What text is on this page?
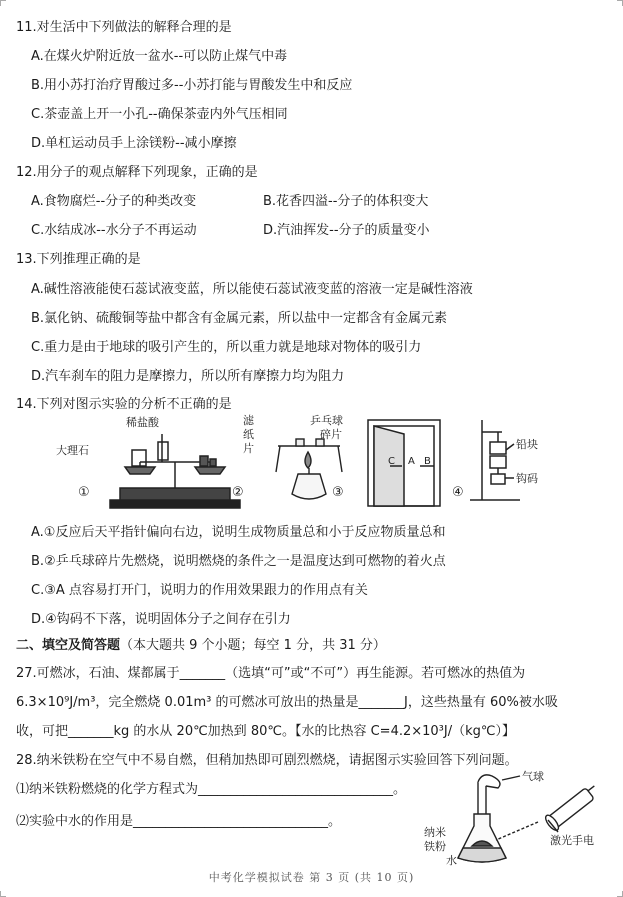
11.对生活中下列做法的解释合理的是
A.在煤火炉附近放一盆水--可以防止煤气中毒
B.用小苏打治疗胃酸过多--小苏打能与胃酸发生中和反应
C.茶壶盖上开一小孔--确保茶壶内外气压相同
D.单杠运动员手上涂镁粉--减小摩擦
12.用分子的观点解释下列现象，正确的是
A.食物腐烂--分子的种类改变	B.花香四溢--分子的体积变大
C.水结成冰--水分子不再运动	D.汽油挥发--分子的质量变小
13.下列推理正确的是
A.碱性溶液能使石蕊试液变蓝，所以能使石蕊试液变蓝的溶液一定是碱性溶液
B.氯化钠、硫酸铜等盐中都含有金属元素，所以盐中一定都含有金属元素
C.重力是由于地球的吸引产生的，所以重力就是地球对物体的吸引力
D.汽车刹车的阻力是摩擦力，所以所有摩擦力均为阻力
14.下列对图示实验的分析不正确的是
稀盐酸
大理石
①
滤
纸
片
乒乓球
碎片
②	③
C A B
④
铅块
钩码
A.①反应后天平指针偏向右边，说明生成物质量总和小于反应物质量总和
B.②乒乓球碎片先燃烧，说明燃烧的条件之一是温度达到可燃物的着火点
C.③A 点容易打开门，说明力的作用效果跟力的作用点有关
D.④钩码不下落，说明固体分子之间存在引力
二、填空及简答题（本大题共 9 个小题；每空 1 分，共 31 分）
27.可燃冰，石油、煤都属于_______（选填“可”或“不可”）再生能源。若可燃冰的热值为
6.3×10⁹J/m³，完全燃烧 0.01m³ 的可燃冰可放出的热量是_______J，这些热量有 60%被水吸
收，可把_______kg 的水从 20℃加热到 80℃。【水的比热容 C=4.2×10³J/（kg℃）】
28.纳米铁粉在空气中不易自燃，但稍加热即可剧烈燃烧，请据图示实验回答下列问题。
⑴纳米铁粉燃烧的化学方程式为______________________________。
⑵实验中水的作用是______________________________。
气球
纳米
铁粉
水
激光手电
中考化学模拟试卷 第 3 页 (共 10 页)
